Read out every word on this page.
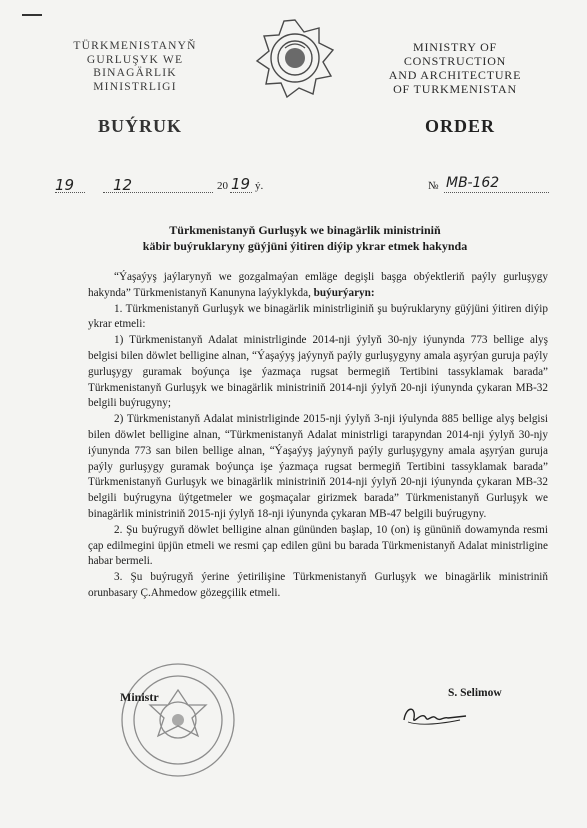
TÜRKMENISTANYŇ
GURLUŞYK WE
BINAGÄRLIK
MINISTRLIGI
MINISTRY OF
CONSTRUCTION
AND ARCHITECTURE
OF TURKMENISTAN
BUÝRUK	ORDER
19	12	20 19 ý.	№ MB-162
Türkmenistanyň Gurluşyk we binagärlik ministriniň
käbir buýruklaryny güýjüni ýitiren diýip ykrar etmek hakynda

“Ýaşaýyş jaýlarynyň we gozgalmaýan emläge degişli başga obýektleriň paýly gurluşygy hakynda” Türkmenistanyň Kanunyna laýyklykda, buýurýaryn:

1. Türkmenistanyň Gurluşyk we binagärlik ministrliginiň şu buýruklaryny güýjüni ýitiren diýip ykrar etmeli:

1) Türkmenistanyň Adalat ministrliginde 2014-nji ýylyň 30-njy iýunynda 773 bellige alyş belgisi bilen döwlet belligine alnan, “Ýaşaýyş jaýynyň paýly gurluşygyny amala aşyrýan guruja paýly gurluşygy guramak boýunça işe ýazmaça rugsat bermegiň Tertibini tassyklamak barada” Türkmenistanyň Gurluşyk we binagärlik ministriniň 2014-nji ýylyň 20-nji iýunynda çykaran MB-32 belgili buýrugyny;

2) Türkmenistanyň Adalat ministrliginde 2015-nji ýylyň 3-nji iýulynda 885 bellige alyş belgisi bilen döwlet belligine alnan, “Türkmenistanyň Adalat ministrligi tarapyndan 2014-nji ýylyň 30-njy iýunynda 773 san bilen bellige alnan, “Ýaşaýyş jaýynyň paýly gurluşygyny amala aşyrýan guruja paýly gurluşygy guramak boýunça işe ýazmaça rugsat bermegiň Tertibini tassyklamak barada” Türkmenistanyň Gurluşyk we binagärlik ministriniň 2014-nji ýylyň 20-nji iýunynda çykaran MB-32 belgili buýrugyna üýtgetmeler we goşmaçalar girizmek barada” Türkmenistanyň Gurluşyk we binagärlik ministriniň 2015-nji ýylyň 18-nji iýunynda çykaran MB-47 belgili buýrugyny.

2. Şu buýrugyň döwlet belligine alnan gününden başlap, 10 (on) iş gününiň dowamynda resmi çap edilmegini üpjün etmeli we resmi çap edilen güni bu barada Türkmenistanyň Adalat ministrligine habar bermeli.

3. Şu buýrugyň ýerine ýetirilişine Türkmenistanyň Gurluşyk we binagärlik ministriniň orunbasary Ç.Ahmedow gözegçilik etmeli.

Ministr	S. Selimow
